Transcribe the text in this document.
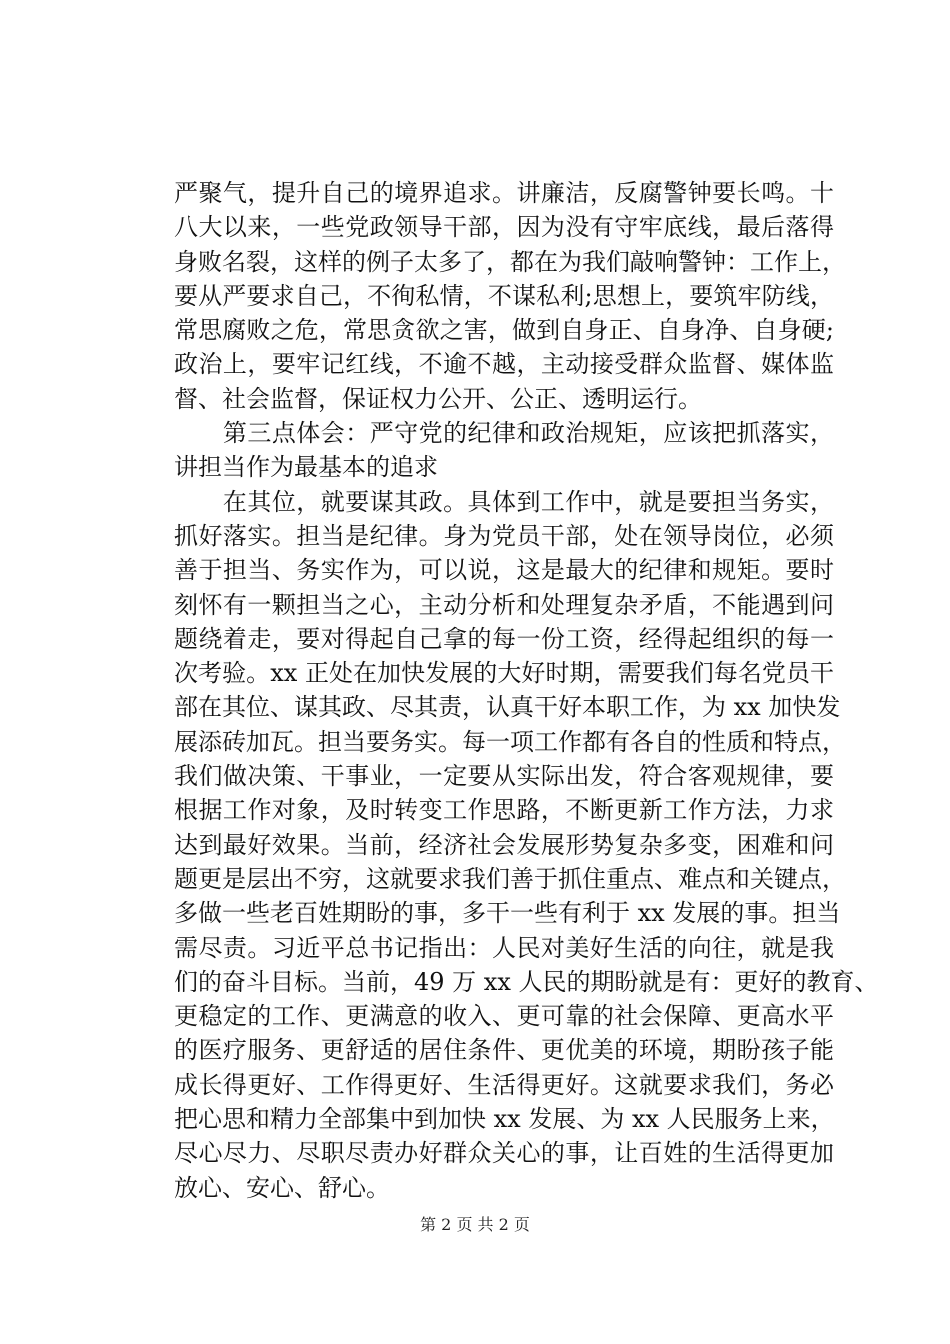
严聚气，提升自己的境界追求。讲廉洁，反腐警钟要长鸣。十
八大以来，一些党政领导干部，因为没有守牢底线，最后落得
身败名裂，这样的例子太多了，都在为我们敲响警钟：工作上，
要从严要求自己，不徇私情，不谋私利;思想上，要筑牢防线，
常思腐败之危，常思贪欲之害，做到自身正、自身净、自身硬;
政治上，要牢记红线，不逾不越，主动接受群众监督、媒体监
督、社会监督，保证权力公开、公正、透明运行。
　　第三点体会：严守党的纪律和政治规矩，应该把抓落实，
讲担当作为最基本的追求
　　在其位，就要谋其政。具体到工作中，就是要担当务实，
抓好落实。担当是纪律。身为党员干部，处在领导岗位，必须
善于担当、务实作为，可以说，这是最大的纪律和规矩。要时
刻怀有一颗担当之心，主动分析和处理复杂矛盾，不能遇到问
题绕着走，要对得起自己拿的每一份工资，经得起组织的每一
次考验。xx 正处在加快发展的大好时期，需要我们每名党员干
部在其位、谋其政、尽其责，认真干好本职工作，为 xx 加快发
展添砖加瓦。担当要务实。每一项工作都有各自的性质和特点，
我们做决策、干事业，一定要从实际出发，符合客观规律，要
根据工作对象，及时转变工作思路，不断更新工作方法，力求
达到最好效果。当前，经济社会发展形势复杂多变，困难和问
题更是层出不穷，这就要求我们善于抓住重点、难点和关键点，
多做一些老百姓期盼的事，多干一些有利于 xx 发展的事。担当
需尽责。习近平总书记指出：人民对美好生活的向往，就是我
们的奋斗目标。当前，49 万 xx 人民的期盼就是有：更好的教育、
更稳定的工作、更满意的收入、更可靠的社会保障、更高水平
的医疗服务、更舒适的居住条件、更优美的环境，期盼孩子能
成长得更好、工作得更好、生活得更好。这就要求我们，务必
把心思和精力全部集中到加快 xx 发展、为 xx 人民服务上来，
尽心尽力、尽职尽责办好群众关心的事，让百姓的生活得更加
放心、安心、舒心。
第 2 页 共 2 页
